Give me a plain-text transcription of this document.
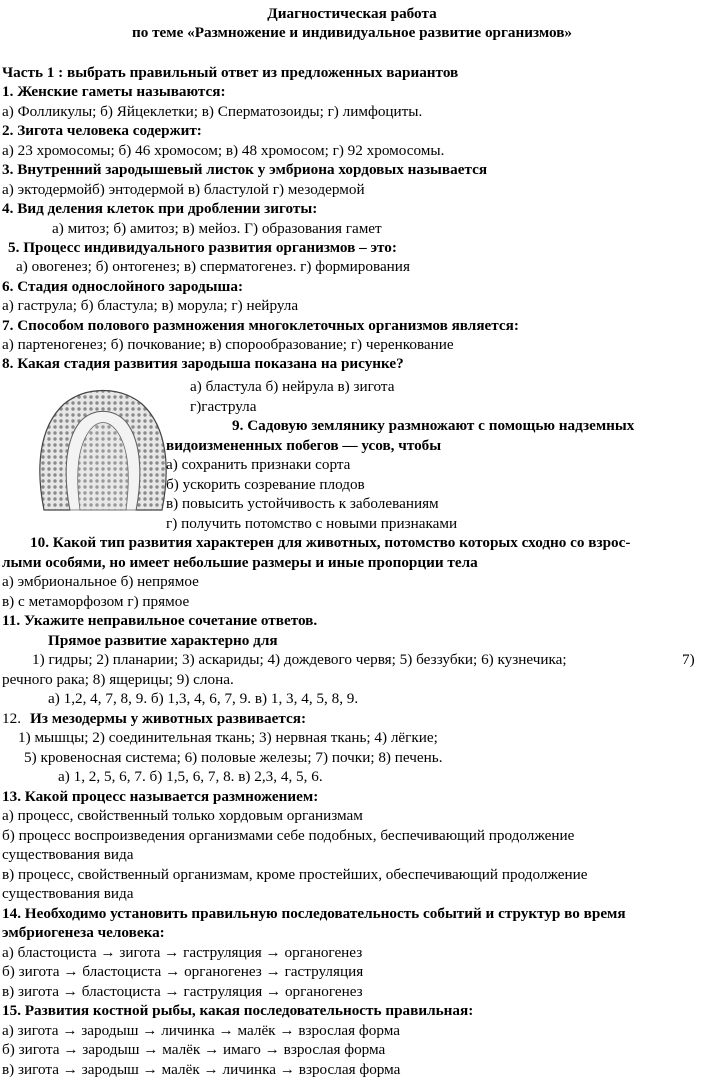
Диагностическая работа
по теме «Размножение и индивидуальное развитие организмов»
Часть 1 : выбрать правильный ответ из предложенных вариантов
1. Женские гаметы называются:
а) Фолликулы; б) Яйцеклетки; в) Сперматозоиды; г) лимфоциты.
2. Зигота человека содержит:
а) 23 хромосомы; б) 46 хромосом; в) 48 хромосом; г) 92 хромосомы.
3. Внутренний зародышевый листок у эмбриона хордовых называется
а) эктодермойб) энтодермой в) бластулой г) мезодермой
4. Вид деления клеток при дроблении зиготы:
а) митоз; б) амитоз; в) мейоз. Г) образования гамет
5. Процесс индивидуального развития организмов – это:
а) овогенез; б) онтогенез; в) сперматогенез. г) формирования
6. Стадия однослойного зародыша:
а) гаструла; б) бластула; в) морула; г) нейрула
7. Способом полового размножения многоклеточных организмов является:
а) партеногенез; б) почкование; в) спорообразование; г) черенкование
8. Какая стадия развития зародыша показана на рисунке?
а) бластула б) нейрула в) зигота
г)гаструла
9. Садовую землянику размножают с помощью надземных
видоизмененных побегов — усов, чтобы
а) сохранить признаки сорта
б) ускорить созревание плодов
в) повысить устойчивость к заболеваниям
г) получить потомство с новыми признаками
10. Какой тип развития характерен для животных, потомство которых сходно со взрос-
лыми особями, но имеет небольшие размеры и иные пропорции тела
а) эмбриональное б) непрямое
в) с метаморфозом г) прямое
11. Укажите неправильное сочетание ответов.
Прямое развитие характерно для
1) гидры; 2) планарии; 3) аскариды; 4) дождевого червя; 5) беззубки; 6) кузнечика;	7)
речного рака; 8) ящерицы; 9) слона.
а) 1,2, 4, 7, 8, 9. б) 1,3, 4, 6, 7, 9. в) 1, 3, 4, 5, 8, 9.
12. Из мезодермы у животных развивается:
1) мышцы; 2) соединительная ткань; 3) нервная ткань; 4) лёгкие;
5) кровеносная система; 6) половые железы; 7) почки; 8) печень.
а) 1, 2, 5, 6, 7. б) 1,5, 6, 7, 8. в) 2,3, 4, 5, 6.
13. Какой процесс называется размножением:
а) процесс, свойственный только хордовым организмам
б) процесс воспроизведения организмами себе подобных, беспечивающий продолжение
существования вида
в) процесс, свойственный организмам, кроме простейших, обеспечивающий продолжение
существования вида
14. Необходимо установить правильную последовательность событий и структур во время
эмбриогенеза человека:
а) бластоциста → зигота → гаструляция → органогенез
б) зигота → бластоциста → органогенез → гаструляция
в) зигота → бластоциста → гаструляция → органогенез
15. Развития костной рыбы, какая последовательность правильная:
а) зигота → зародыш → личинка → малёк → взрослая форма
б) зигота → зародыш → малёк → имаго → взрослая форма
в) зигота → зародыш → малёк → личинка → взрослая форма
